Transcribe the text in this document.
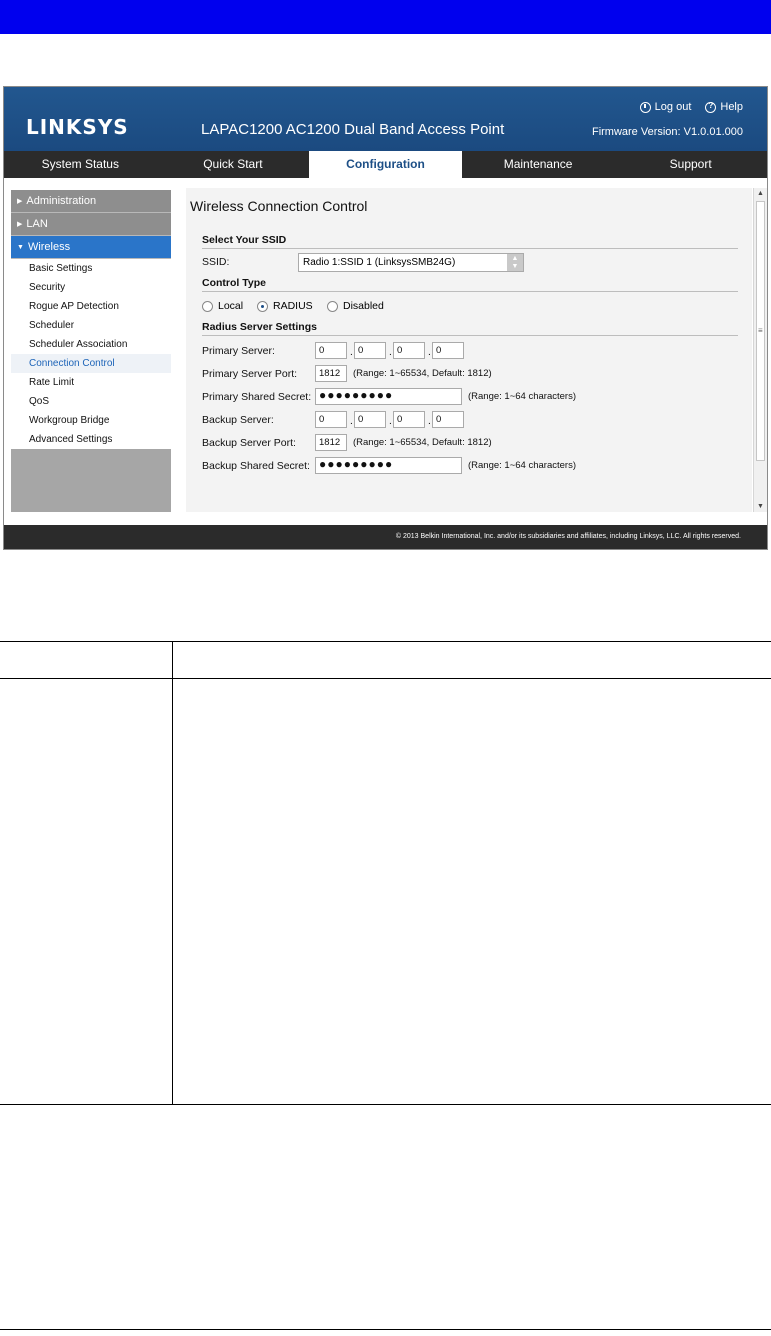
LINKSYS	LAPAC1200 AC1200 Dual Band Access Point
Log out
?	Help
Firmware Version: V1.0.01.000
System Status	Quick Start	Configuration	Maintenance	Support
▶ Administration
▶ LAN
▼ Wireless
Basic Settings
Security
Rogue AP Detection
Scheduler
Scheduler Association
Connection Control
Rate Limit
QoS
Workgroup Bridge
Advanced Settings
Wireless Connection Control
Select Your SSID
SSID:	Radio 1:SSID 1 (LinksysSMB24G)	▲
▼
Control Type
Local	RADIUS	Disabled
Radius Server Settings
Primary Server:	0	. 0	. 0	. 0
Primary Server Port:	1812	(Range: 1~65534, Default: 1812)
Primary Shared Secret: ●●●●●●●●●	(Range: 1~64 characters)
Backup Server:	0	. 0	. 0	. 0
Backup Server Port:	1812	(Range: 1~65534, Default: 1812)
Backup Shared Secret: ●●●●●●●●●	(Range: 1~64 characters)
▲
≡
▼
© 2013 Belkin International, Inc. and/or its subsidiaries and affiliates, including Linksys, LLC. All rights reserved.
